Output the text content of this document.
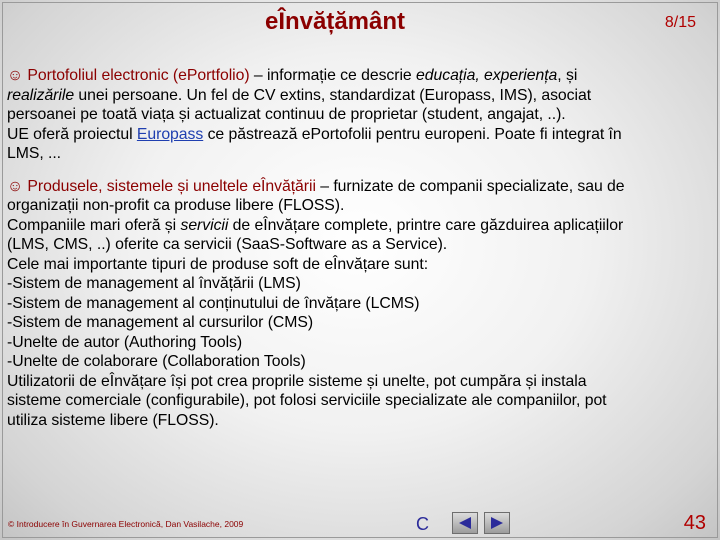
eÎnvățământ	8/15
☺ Portofoliul electronic (ePortfolio) – informație ce descrie educația, experiența, și
realizările unei persoane. Un fel de CV extins, standardizat (Europass, IMS), asociat
persoanei pe toată viața și actualizat continuu de proprietar (student, angajat, ..).
UE oferă proiectul Europass ce păstrează ePortofolii pentru europeni. Poate fi integrat în
LMS, ...
☺ Produsele, sistemele și uneltele eÎnvățării – furnizate de companii specializate, sau de
organizații non-profit ca produse libere (FLOSS).
Companiile mari oferă și servicii de eÎnvățare complete, printre care găzduirea aplicațiilor
(LMS, CMS, ..) oferite ca servicii (SaaS-Software as a Service).
Cele mai importante tipuri de produse soft de eÎnvățare sunt:
-Sistem de management al învățării (LMS)
-Sistem de management al conținutului de învățare (LCMS)
-Sistem de management al cursurilor (CMS)
-Unelte de autor (Authoring Tools)
-Unelte de colaborare (Collaboration Tools)
Utilizatorii de eÎnvățare își pot crea proprile sisteme și unelte, pot cumpăra și instala
sisteme comerciale (configurabile), pot folosi serviciile specializate ale companiilor, pot
utiliza sisteme libere (FLOSS).
© Introducere în Guvernarea Electronică, Dan Vasilache, 2009	C	43
